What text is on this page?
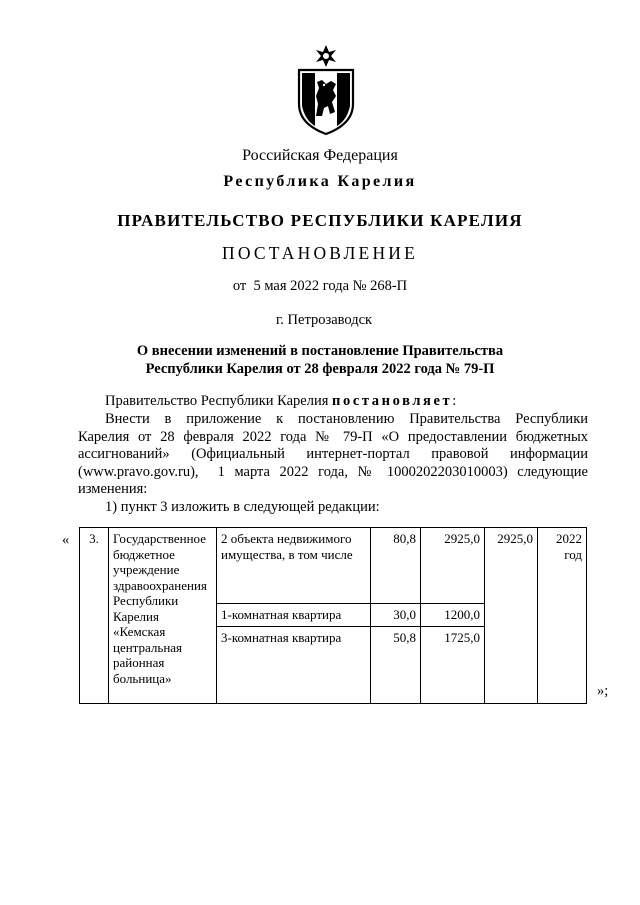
Российская Федерация
Республика Карелия
ПРАВИТЕЛЬСТВО РЕСПУБЛИКИ КАРЕЛИЯ
ПОСТАНОВЛЕНИЕ
от  5 мая 2022 года № 268-П
г. Петрозаводск
О внесении изменений в постановление Правительства
Республики Карелия от 28 февраля 2022 года № 79-П
Правительство Республики Карелия постановляет:
Внести в приложение к постановлению Правительства Республики
Карелия от 28 февраля 2022 года № 79-П «О предоставлении бюджетных
ассигнований» (Официальный интернет-портал правовой информации
(www.pravo.gov.ru),  1 марта 2022 года, № 1000202203010003) следующие
изменения:
1) пункт 3 изложить в следующей редакции:
«
»;
3.	Государственное бюджетное учреждение здравоохранения Республики Карелия «Кемская центральная районная больница»	2 объекта недвижимого имущества, в том числе	80,8	2925,0	2925,0	2022 год
		1-комнатная квартира	30,0	1200,0		
		3-комнатная квартира	50,8	1725,0		
